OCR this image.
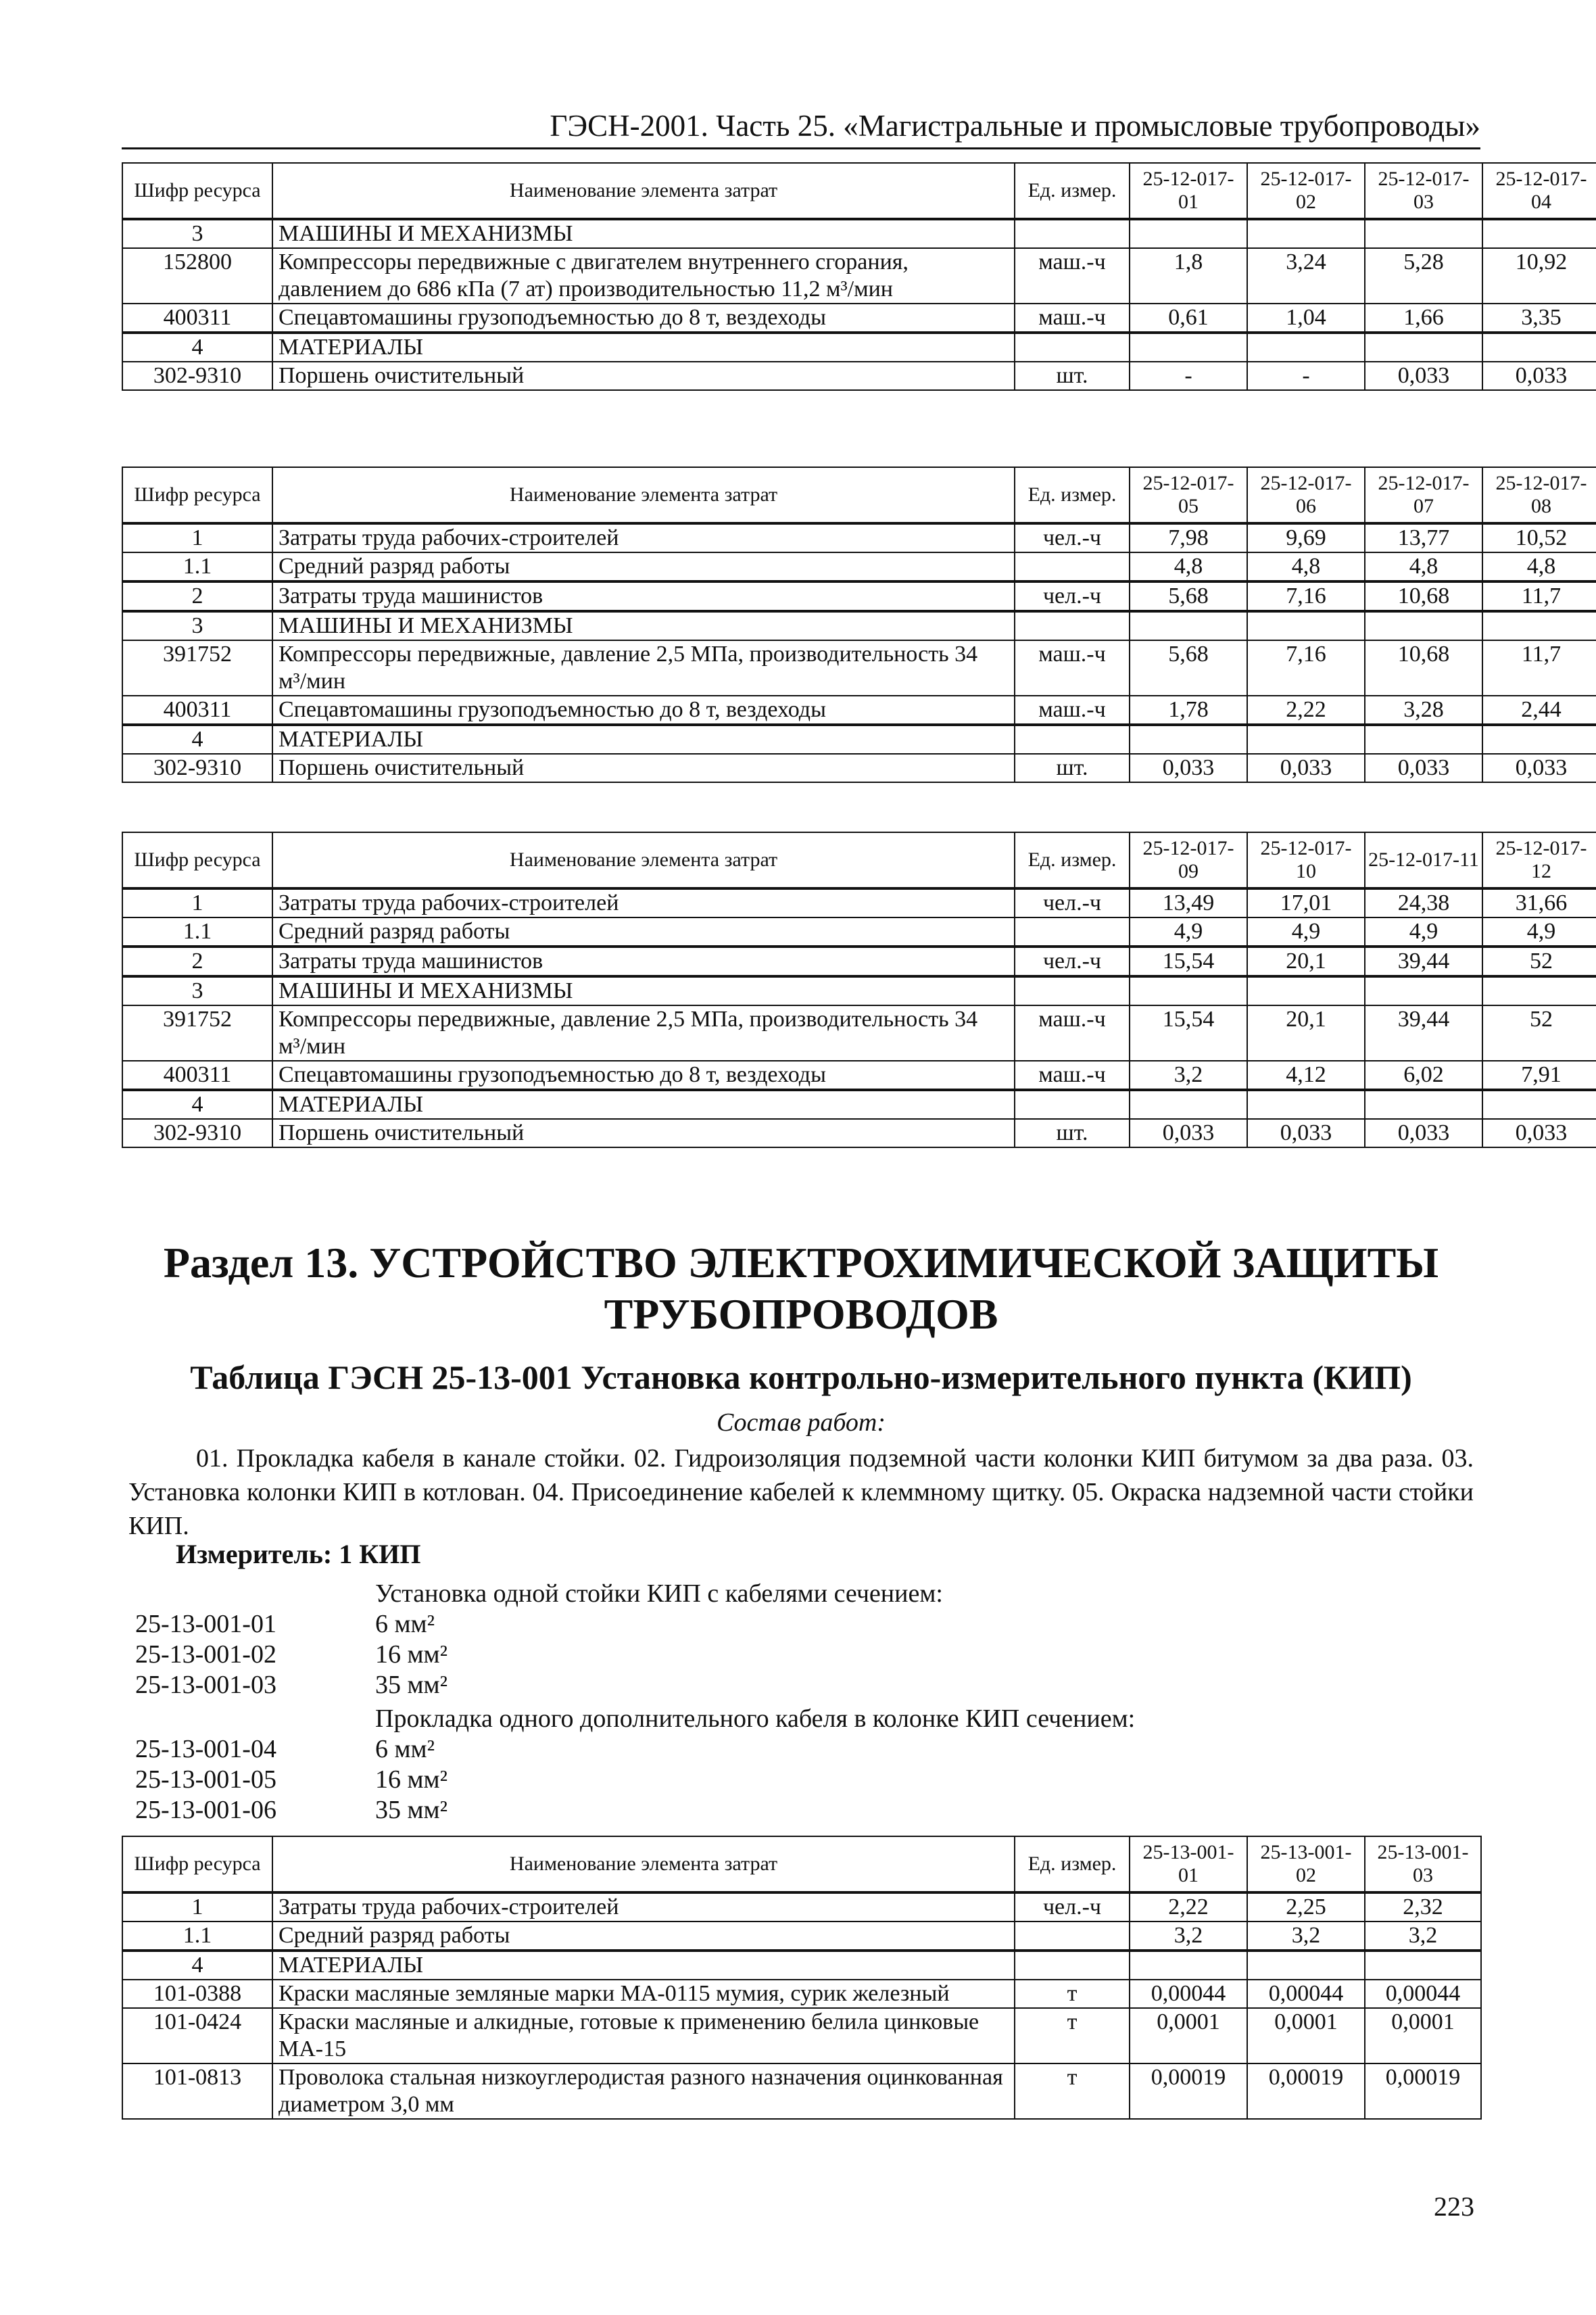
ГЭСН-2001. Часть 25. «Магистральные и промысловые трубопроводы»
Шифр ресурса	Наименование элемента затрат	Ед. измер.	25-12-017-01	25-12-017-02	25-12-017-03	25-12-017-04
3	МАШИНЫ И МЕХАНИЗМЫ					
152800	Компрессоры передвижные с двигателем внутреннего сгорания, давлением до 686 кПа (7 ат) производительностью 11,2 м³/мин	маш.-ч	1,8	3,24	5,28	10,92
400311	Спецавтомашины грузоподъемностью до 8 т, вездеходы	маш.-ч	0,61	1,04	1,66	3,35
4	МАТЕРИАЛЫ					
302-9310	Поршень очистительный	шт.	-	-	0,033	0,033
Шифр ресурса	Наименование элемента затрат	Ед. измер.	25-12-017-05	25-12-017-06	25-12-017-07	25-12-017-08
1	Затраты труда рабочих-строителей	чел.-ч	7,98	9,69	13,77	10,52
1.1	Средний разряд работы		4,8	4,8	4,8	4,8
2	Затраты труда машинистов	чел.-ч	5,68	7,16	10,68	11,7
3	МАШИНЫ И МЕХАНИЗМЫ					
391752	Компрессоры передвижные, давление 2,5 МПа, производительность 34 м³/мин	маш.-ч	5,68	7,16	10,68	11,7
400311	Спецавтомашины грузоподъемностью до 8 т, вездеходы	маш.-ч	1,78	2,22	3,28	2,44
4	МАТЕРИАЛЫ					
302-9310	Поршень очистительный	шт.	0,033	0,033	0,033	0,033
Шифр ресурса	Наименование элемента затрат	Ед. измер.	25-12-017-09	25-12-017-10	25-12-017-11	25-12-017-12
1	Затраты труда рабочих-строителей	чел.-ч	13,49	17,01	24,38	31,66
1.1	Средний разряд работы		4,9	4,9	4,9	4,9
2	Затраты труда машинистов	чел.-ч	15,54	20,1	39,44	52
3	МАШИНЫ И МЕХАНИЗМЫ					
391752	Компрессоры передвижные, давление 2,5 МПа, производительность 34 м³/мин	маш.-ч	15,54	20,1	39,44	52
400311	Спецавтомашины грузоподъемностью до 8 т, вездеходы	маш.-ч	3,2	4,12	6,02	7,91
4	МАТЕРИАЛЫ					
302-9310	Поршень очистительный	шт.	0,033	0,033	0,033	0,033
Раздел 13. УСТРОЙСТВО ЭЛЕКТРОХИМИЧЕСКОЙ ЗАЩИТЫ ТРУБОПРОВОДОВ
Таблица ГЭСН 25-13-001 Установка контрольно-измерительного пункта (КИП)
Состав работ:
01. Прокладка кабеля в канале стойки. 02. Гидроизоляция подземной части колонки КИП битумом за два раза. 03. Установка колонки КИП в котлован. 04. Присоединение кабелей к клеммному щитку. 05. Окраска надземной части стойки КИП.
Измеритель: 1 КИП
Установка одной стойки КИП с кабелями сечением:
25-13-001-01	6 мм²
25-13-001-02	16 мм²
25-13-001-03	35 мм²
Прокладка одного дополнительного кабеля в колонке КИП сечением:
25-13-001-04	6 мм²
25-13-001-05	16 мм²
25-13-001-06	35 мм²
Шифр ресурса	Наименование элемента затрат	Ед. измер.	25-13-001-01	25-13-001-02	25-13-001-03
1	Затраты труда рабочих-строителей	чел.-ч	2,22	2,25	2,32
1.1	Средний разряд работы		3,2	3,2	3,2
4	МАТЕРИАЛЫ				
101-0388	Краски масляные земляные марки МА-0115 мумия, сурик железный	т	0,00044	0,00044	0,00044
101-0424	Краски масляные и алкидные, готовые к применению белила цинковые МА-15	т	0,0001	0,0001	0,0001
101-0813	Проволока стальная низкоуглеродистая разного назначения оцинкованная диаметром 3,0 мм	т	0,00019	0,00019	0,00019
223
